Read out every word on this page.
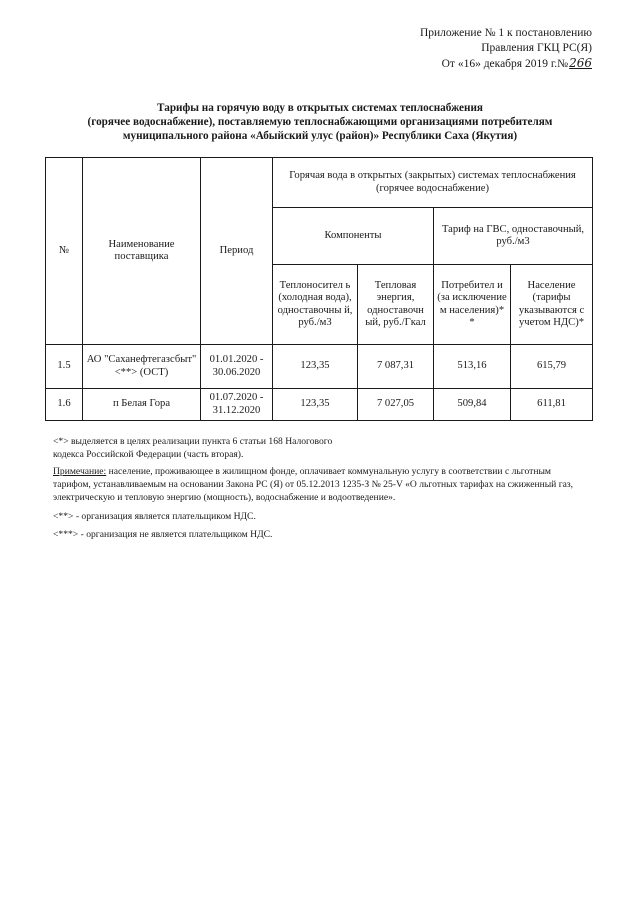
Приложение № 1 к постановлению
Правления ГКЦ РС(Я)
От «16» декабря 2019 г.№266
Тарифы на горячую воду в открытых системах теплоснабжения
(горячее водоснабжение), поставляемую теплоснабжающими организациями потребителям
муниципального района «Абыйский улус (район)» Республики Саха (Якутия)
№	Наименование поставщика	Период	Горячая вода в открытых (закрытых) системах теплоснабжения (горячее водоснабжение)			
			Компоненты		Тариф на ГВС, одноставочный, руб./м3	
			Теплоносител ь (холодная вода), одноставочны й, руб./м3	Тепловая энергия, одноставочн ый, руб./Гкал	Потребител и (за исключение м населения)* *	Население (тарифы указываются с учетом НДС)*
1.5	АО "Саханефтегазсбыт" <**> (ОСТ)	01.01.2020 - 30.06.2020	123,35	7 087,31	513,16	615,79
1.6	п Белая Гора	01.07.2020 - 31.12.2020	123,35	7 027,05	509,84	611,81
<*> выделяется в целях реализации пункта 6 статьи 168 Налогового
кодекса Российской Федерации (часть вторая).
Примечание: население, проживающее в жилищном фонде, оплачивает коммунальную услугу в соответствии с льготным
тарифом, устанавливаемым на основании Закона РС (Я) от 05.12.2013 1235-З № 25-V «О льготных тарифах на сжиженный газ,
электрическую и тепловую энергию (мощность), водоснабжение и водоотведение».
<**> - организация является плательщиком НДС.
<***> - организация не является плательщиком НДС.
